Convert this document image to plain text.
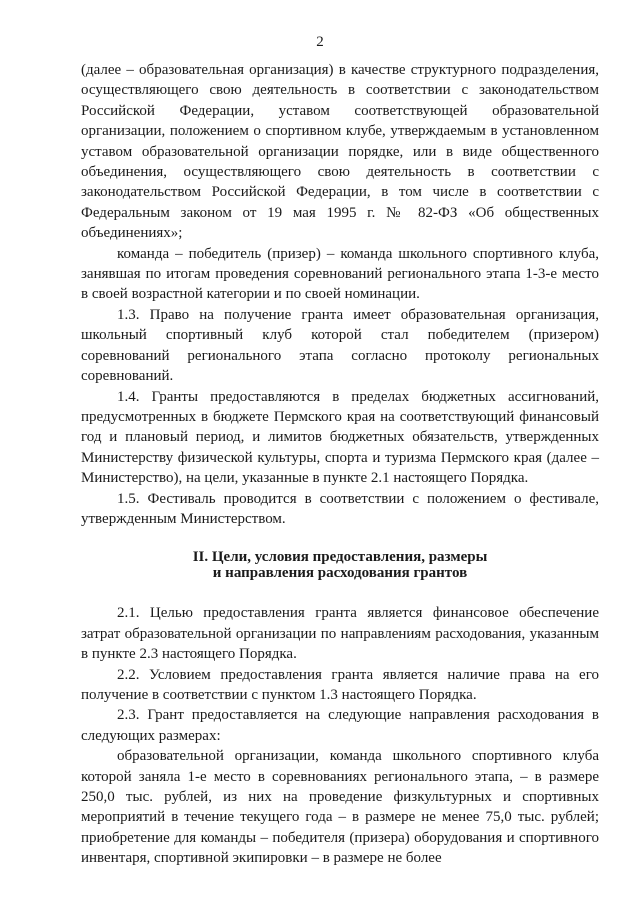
2

(далее – образовательная организация) в качестве структурного подразделения, осуществляющего свою деятельность в соответствии с законодательством Российской Федерации, уставом соответствующей образовательной организации, положением о спортивном клубе, утверждаемым в установленном уставом образовательной организации порядке, или в виде общественного объединения, осуществляющего свою деятельность в соответствии с законодательством Российской Федерации, в том числе в соответствии с Федеральным законом от 19 мая 1995 г. № 82-ФЗ «Об общественных объединениях»;

команда – победитель (призер) – команда школьного спортивного клуба, занявшая по итогам проведения соревнований регионального этапа 1-3-е место в своей возрастной категории и по своей номинации.

1.3. Право на получение гранта имеет образовательная организация, школьный спортивный клуб которой стал победителем (призером) соревнований регионального этапа согласно протоколу региональных соревнований.

1.4. Гранты предоставляются в пределах бюджетных ассигнований, предусмотренных в бюджете Пермского края на соответствующий финансовый год и плановый период, и лимитов бюджетных обязательств, утвержденных Министерству физической культуры, спорта и туризма Пермского края (далее – Министерство), на цели, указанные в пункте 2.1 настоящего Порядка.

1.5. Фестиваль проводится в соответствии с положением о фестивале, утвержденным Министерством.

II. Цели, условия предоставления, размеры
и направления расходования грантов

2.1. Целью предоставления гранта является финансовое обеспечение затрат образовательной организации по направлениям расходования, указанным в пункте 2.3 настоящего Порядка.

2.2. Условием предоставления гранта является наличие права на его получение в соответствии с пунктом 1.3 настоящего Порядка.

2.3. Грант предоставляется на следующие направления расходования в следующих размерах:

образовательной организации, команда школьного спортивного клуба которой заняла 1-е место в соревнованиях регионального этапа, – в размере 250,0 тыс. рублей, из них на проведение физкультурных и спортивных мероприятий в течение текущего года – в размере не менее 75,0 тыс. рублей; приобретение для команды – победителя (призера) оборудования и спортивного инвентаря, спортивной экипировки – в размере не более
